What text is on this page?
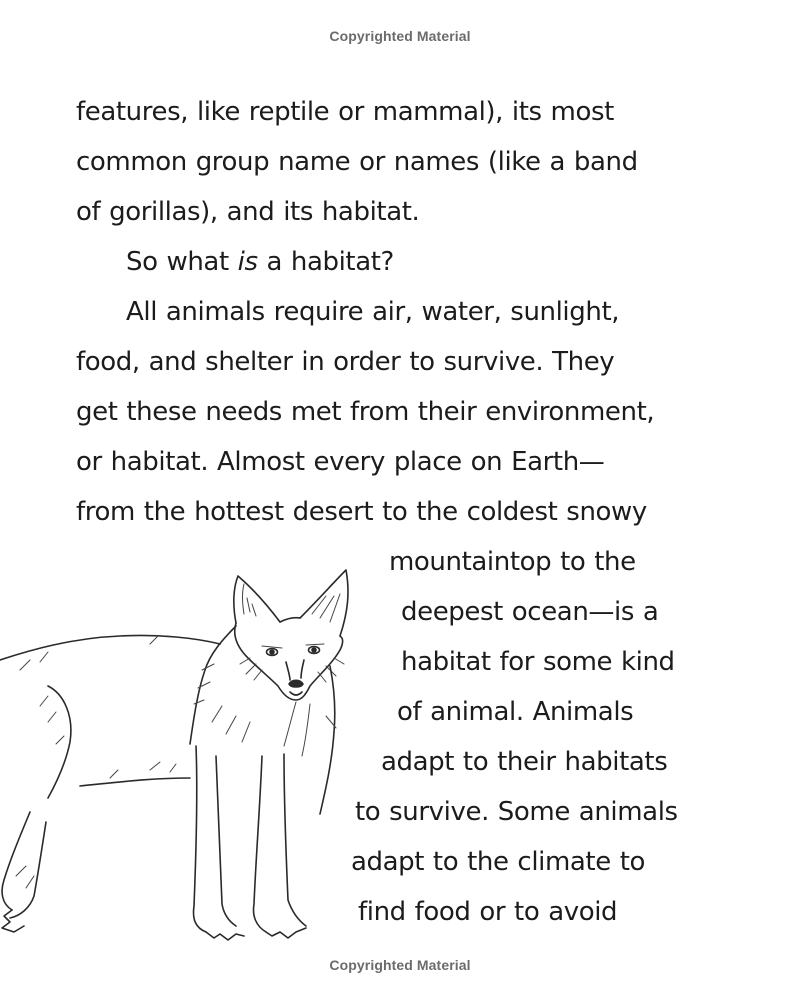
Copyrighted Material
features, like reptile or mammal), its most
common group name or names (like a band
of gorillas), and its habitat.
So what is a habitat?
All animals require air, water, sunlight,
food, and shelter in order to survive. They
get these needs met from their environment,
or habitat. Almost every place on Earth—
from the hottest desert to the coldest snowy
mountaintop to the
deepest ocean—is a
habitat for some kind
of animal. Animals
adapt to their habitats
to survive. Some animals
adapt to the climate to
find food or to avoid
Copyrighted Material
